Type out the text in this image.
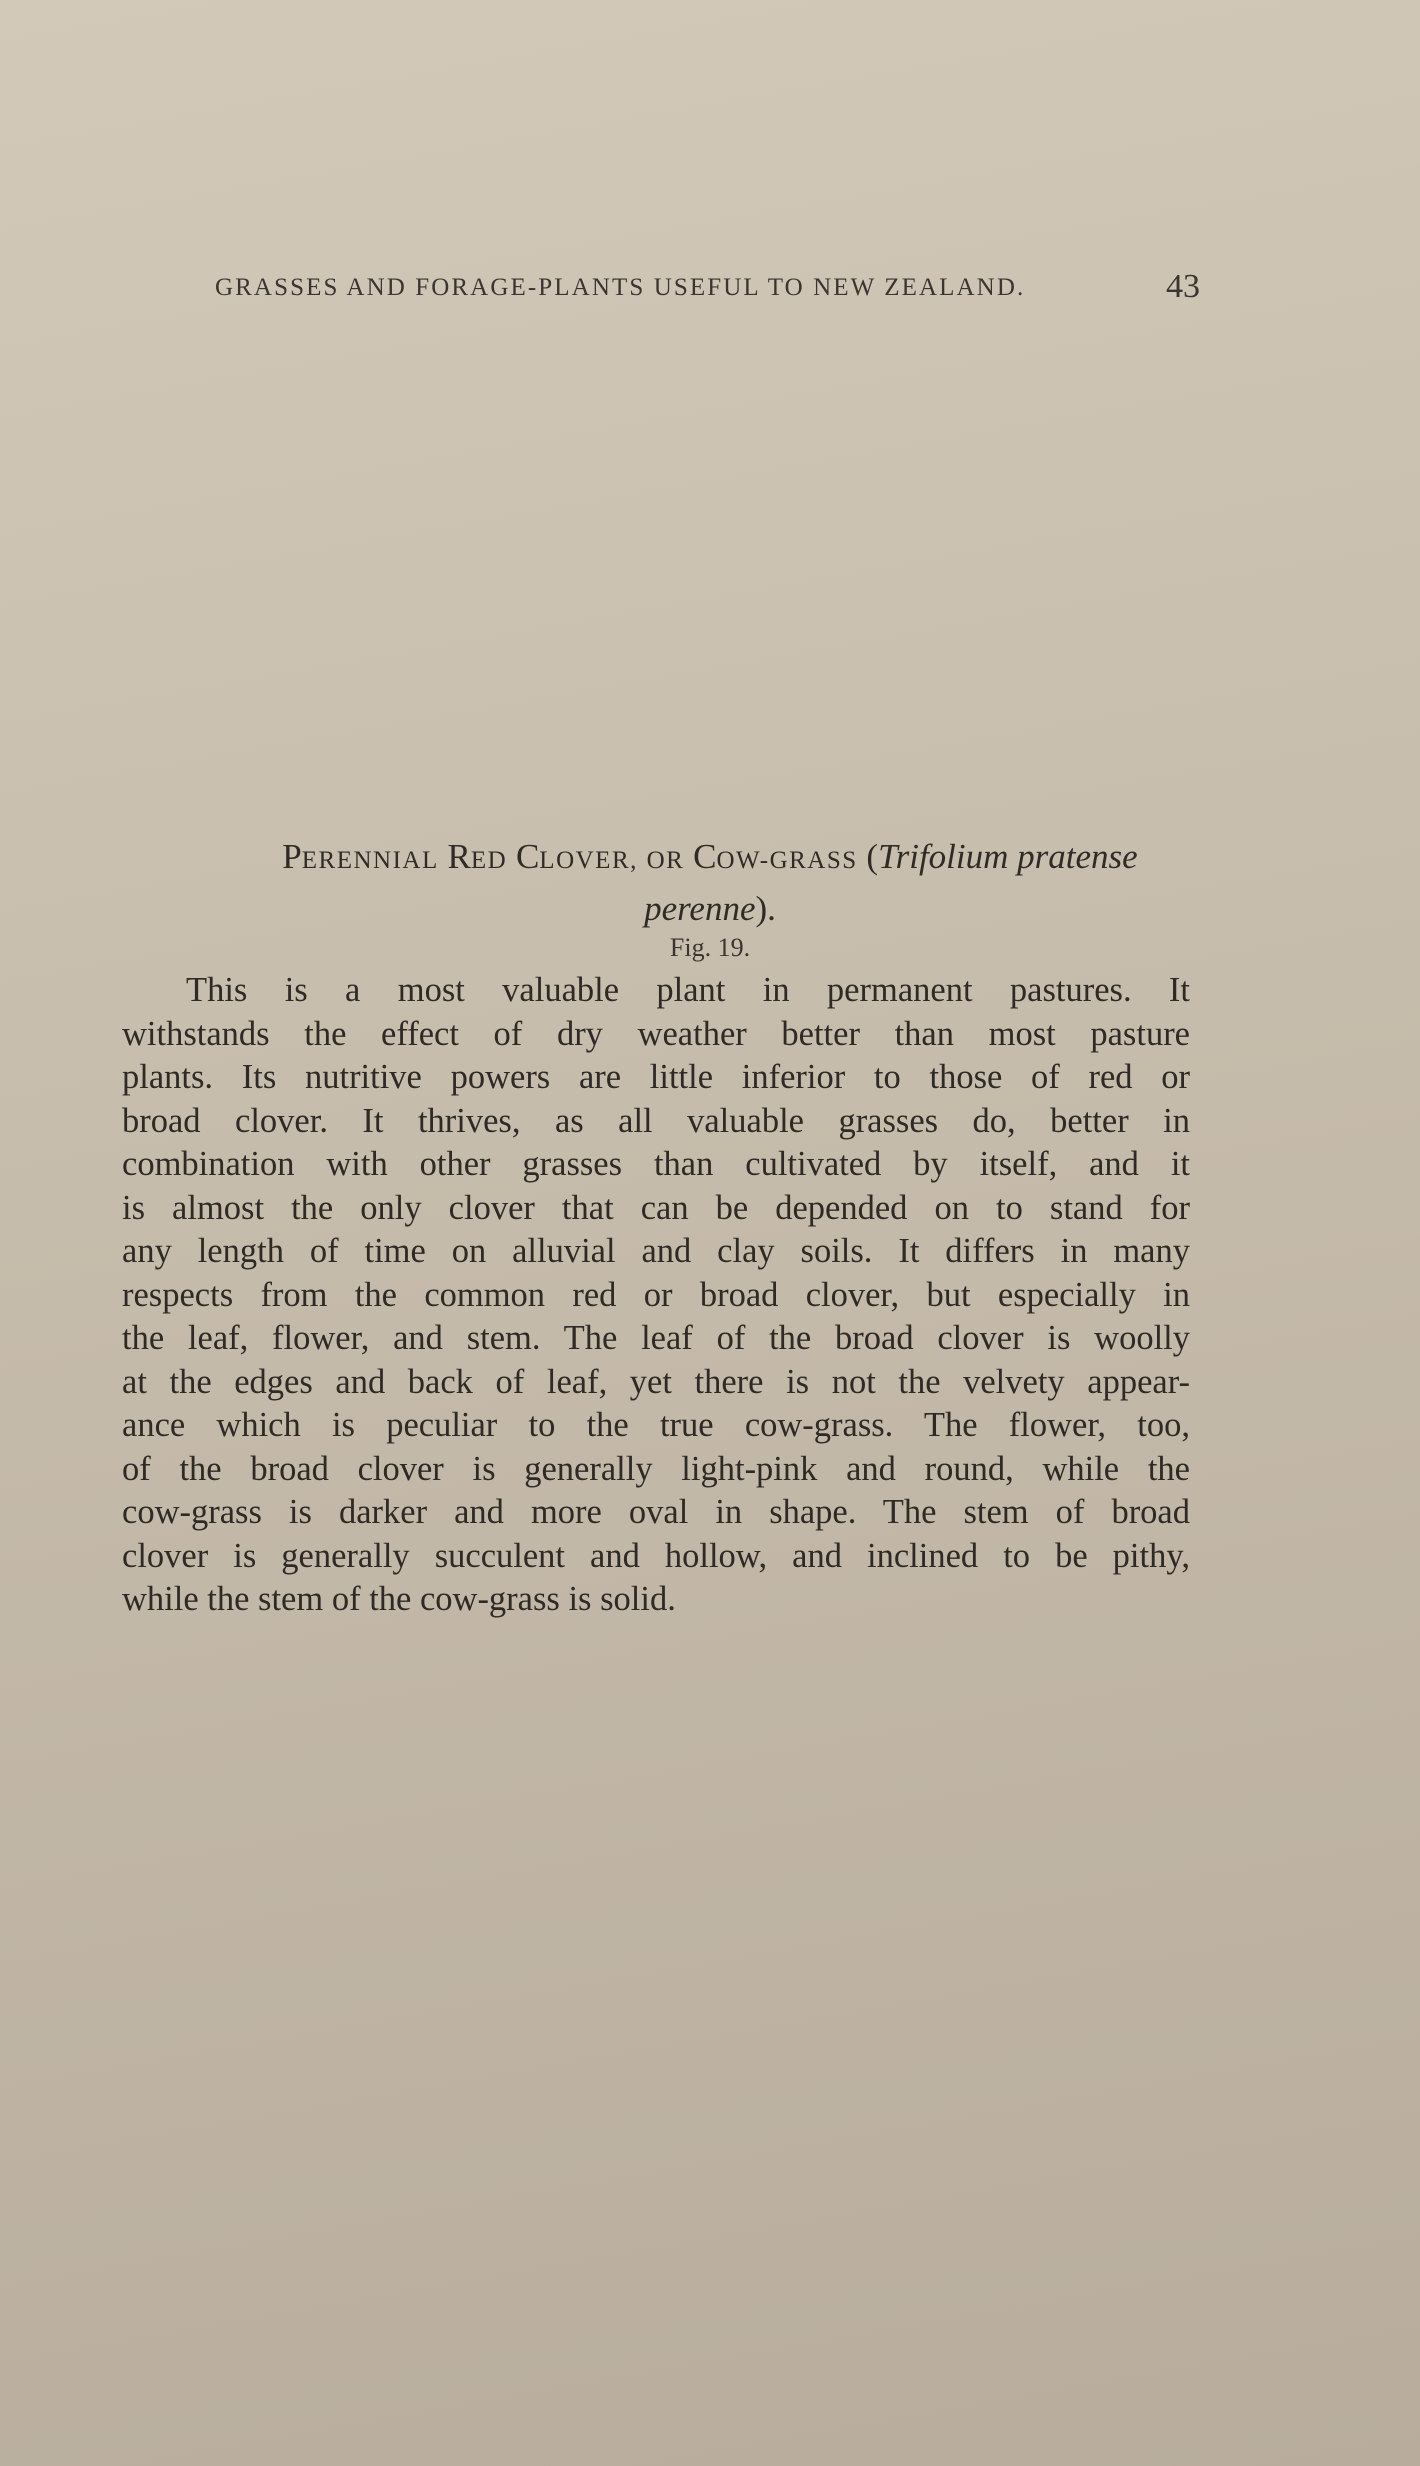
GRASSES AND FORAGE-PLANTS USEFUL TO NEW ZEALAND.	43
PERENNIAL RED CLOVER, OR COW-GRASS (Trifolium pratense
perenne).
Fig. 19.
This is a most valuable plant in permanent pastures. It
withstands the effect of dry weather better than most pasture
plants. Its nutritive powers are little inferior to those of red or
broad clover. It thrives, as all valuable grasses do, better in
combination with other grasses than cultivated by itself, and it
is almost the only clover that can be depended on to stand for
any length of time on alluvial and clay soils. It differs in many
respects from the common red or broad clover, but especially in
the leaf, flower, and stem. The leaf of the broad clover is woolly
at the edges and back of leaf, yet there is not the velvety appear-
ance which is peculiar to the true cow-grass. The flower, too,
of the broad clover is generally light-pink and round, while the
cow-grass is darker and more oval in shape. The stem of broad
clover is generally succulent and hollow, and inclined to be pithy,
while the stem of the cow-grass is solid.
